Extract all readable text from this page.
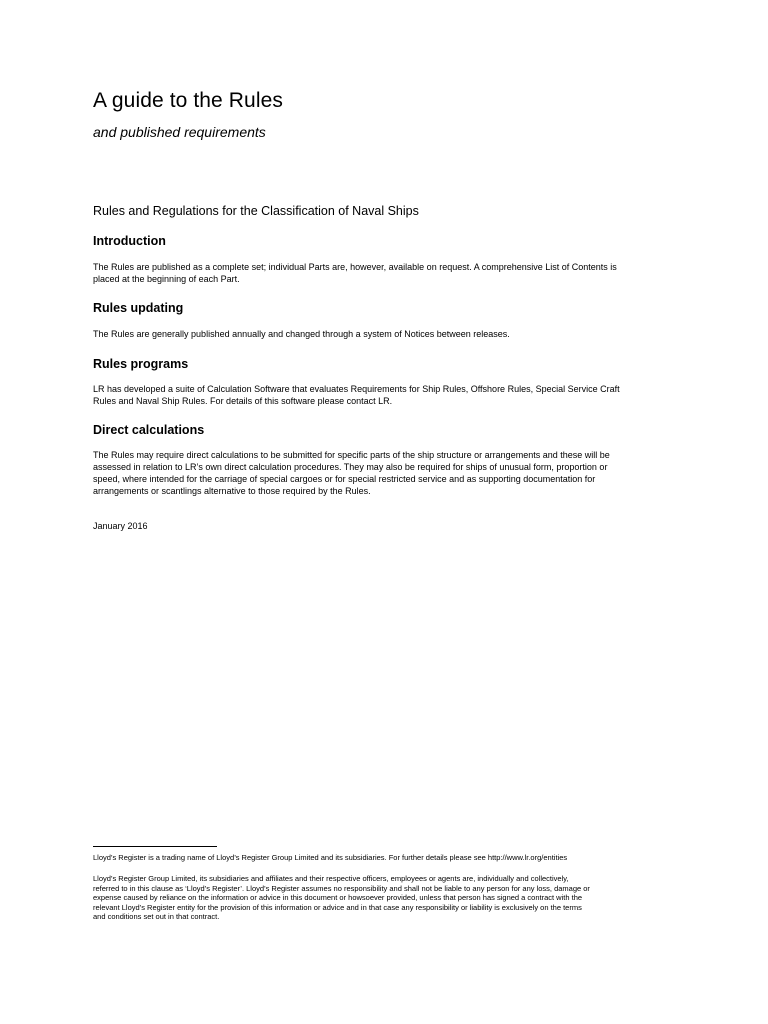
A guide to the Rules

and published requirements

Rules and Regulations for the Classification of Naval Ships
Introduction

The Rules are published as a complete set; individual Parts are, however, available on request. A comprehensive List of Contents is
placed at the beginning of each Part.

Rules updating

The Rules are generally published annually and changed through a system of Notices between releases.

Rules programs

LR has developed a suite of Calculation Software that evaluates Requirements for Ship Rules, Offshore Rules, Special Service Craft
Rules and Naval Ship Rules. For details of this software please contact LR.

Direct calculations

The Rules may require direct calculations to be submitted for specific parts of the ship structure or arrangements and these will be
assessed in relation to LR’s own direct calculation procedures. They may also be required for ships of unusual form, proportion or
speed, where intended for the carriage of special cargoes or for special restricted service and as supporting documentation for
arrangements or scantlings alternative to those required by the Rules.

January 2016

Lloyd’s Register is a trading name of Lloyd’s Register Group Limited and its subsidiaries. For further details please see http://www.lr.org/entities

Lloyd’s Register Group Limited, its subsidiaries and affiliates and their respective officers, employees or agents are, individually and collectively,
referred to in this clause as ‘Lloyd’s Register’. Lloyd’s Register assumes no responsibility and shall not be liable to any person for any loss, damage or
expense caused by reliance on the information or advice in this document or howsoever provided, unless that person has signed a contract with the
relevant Lloyd’s Register entity for the provision of this information or advice and in that case any responsibility or liability is exclusively on the terms
and conditions set out in that contract.
